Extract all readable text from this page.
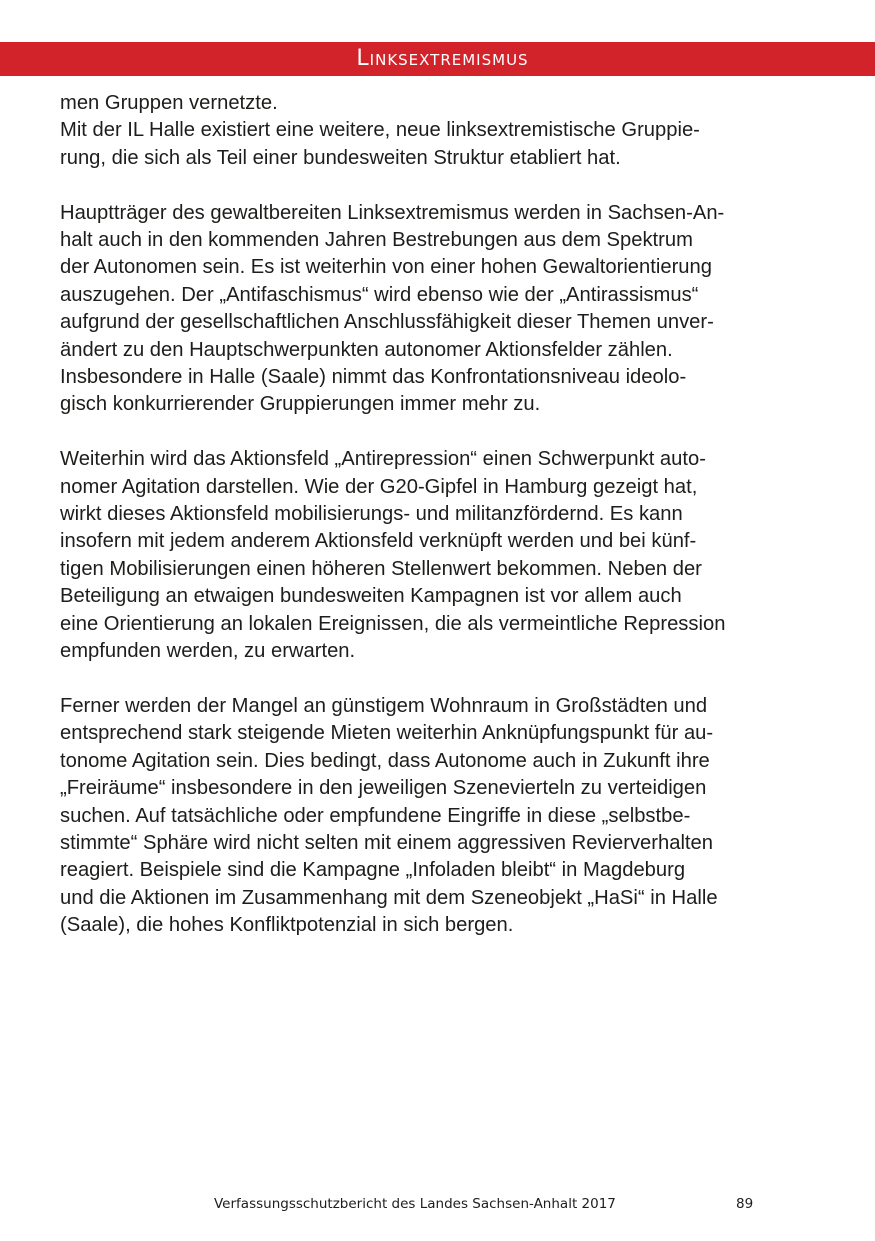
Linksextremismus
men Gruppen vernetzte.
Mit der IL Halle existiert eine weitere, neue linksextremistische Gruppie-
rung, die sich als Teil einer bundesweiten Struktur etabliert hat.
Hauptträger des gewaltbereiten Linksextremismus werden in Sachsen-An-
halt auch in den kommenden Jahren Bestrebungen aus dem Spektrum
der Autonomen sein. Es ist weiterhin von einer hohen Gewaltorientierung
auszugehen. Der „Antifaschismus“ wird ebenso wie der „Antirassismus“
aufgrund der gesellschaftlichen Anschlussfähigkeit dieser Themen unver-
ändert zu den Hauptschwerpunkten autonomer Aktionsfelder zählen.
Insbesondere in Halle (Saale) nimmt das Konfrontationsniveau ideolo-
gisch konkurrierender Gruppierungen immer mehr zu.
Weiterhin wird das Aktionsfeld „Antirepression“ einen Schwerpunkt auto-
nomer Agitation darstellen. Wie der G20-Gipfel in Hamburg gezeigt hat,
wirkt dieses Aktionsfeld mobilisierungs- und militanzfördernd. Es kann
insofern mit jedem anderem Aktionsfeld verknüpft werden und bei künf-
tigen Mobilisierungen einen höheren Stellenwert bekommen. Neben der
Beteiligung an etwaigen bundesweiten Kampagnen ist vor allem auch
eine Orientierung an lokalen Ereignissen, die als vermeintliche Repression
empfunden werden, zu erwarten.
Ferner werden der Mangel an günstigem Wohnraum in Großstädten und
entsprechend stark steigende Mieten weiterhin Anknüpfungspunkt für au-
tonome Agitation sein. Dies bedingt, dass Autonome auch in Zukunft ihre
„Freiräume“ insbesondere in den jeweiligen Szenevierteln zu verteidigen
suchen. Auf tatsächliche oder empfundene Eingriffe in diese „selbstbe-
stimmte“ Sphäre wird nicht selten mit einem aggressiven Revierverhalten
reagiert. Beispiele sind die Kampagne „Infoladen bleibt“ in Magdeburg
und die Aktionen im Zusammenhang mit dem Szeneobjekt „HaSi“ in Halle
(Saale), die hohes Konfliktpotenzial in sich bergen.
Verfassungsschutzbericht des Landes Sachsen-Anhalt 2017	89
